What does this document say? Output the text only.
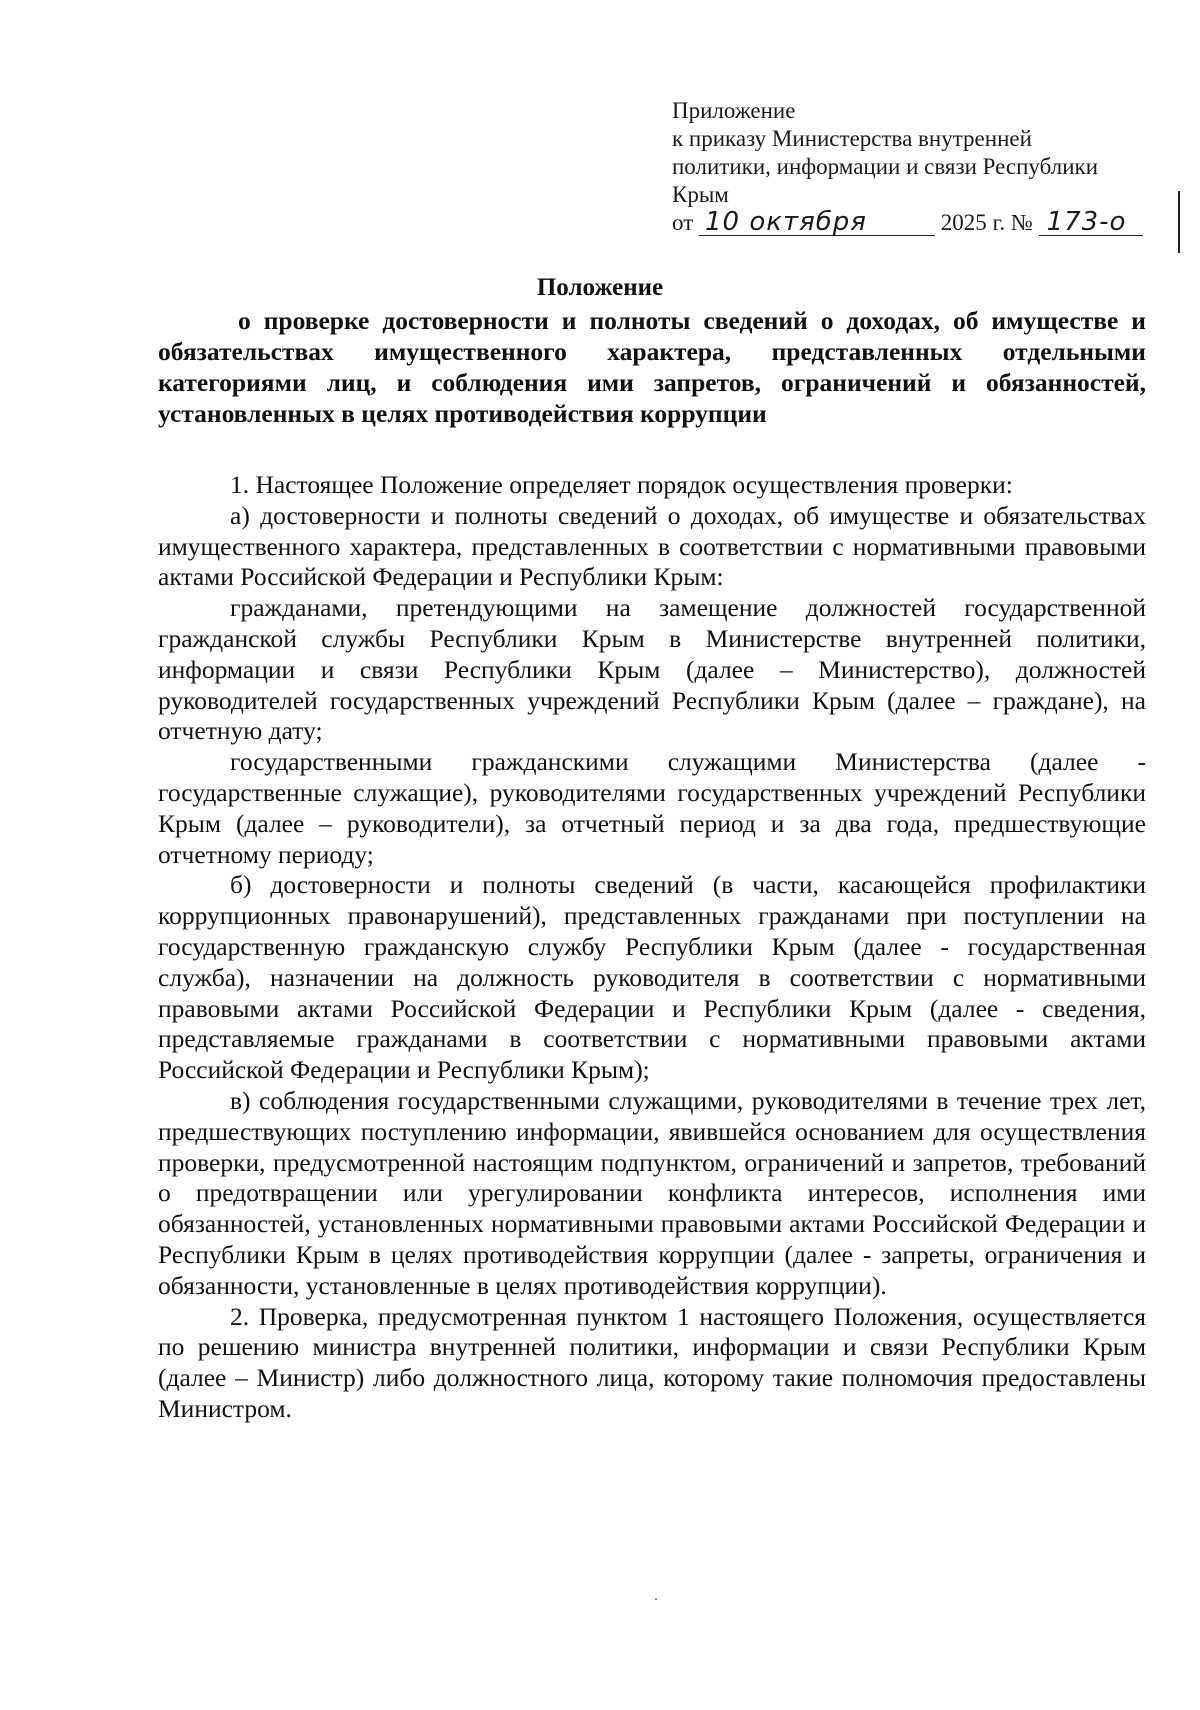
Приложение
к приказу Министерства внутренней
политики, информации и связи Республики
Крым
от 10 октября	2025 г. № 173-о
Положение
о проверке достоверности и полноты сведений о доходах, об имуществе и обязательствах имущественного характера, представленных отдельными категориями лиц, и соблюдения ими запретов, ограничений и обязанностей, установленных в целях противодействия коррупции

1. Настоящее Положение определяет порядок осуществления проверки:

а) достоверности и полноты сведений о доходах, об имуществе и обязательствах имущественного характера, представленных в соответствии с нормативными правовыми актами Российской Федерации и Республики Крым:

гражданами, претендующими на замещение должностей государственной гражданской службы Республики Крым в Министерстве внутренней политики, информации и связи Республики Крым (далее – Министерство), должностей руководителей государственных учреждений Республики Крым (далее – граждане), на отчетную дату;

государственными гражданскими служащими Министерства (далее - государственные служащие), руководителями государственных учреждений Республики Крым (далее – руководители), за отчетный период и за два года, предшествующие отчетному периоду;

б) достоверности и полноты сведений (в части, касающейся профилактики коррупционных правонарушений), представленных гражданами при поступлении на государственную гражданскую службу Республики Крым (далее - государственная служба), назначении на должность руководителя в соответствии с нормативными правовыми актами Российской Федерации и Республики Крым (далее - сведения, представляемые гражданами в соответствии с нормативными правовыми актами Российской Федерации и Республики Крым);

в) соблюдения государственными служащими, руководителями в течение трех лет, предшествующих поступлению информации, явившейся основанием для осуществления проверки, предусмотренной настоящим подпунктом, ограничений и запретов, требований о предотвращении или урегулировании конфликта интересов, исполнения ими обязанностей, установленных нормативными правовыми актами Российской Федерации и Республики Крым в целях противодействия коррупции (далее - запреты, ограничения и обязанности, установленные в целях противодействия коррупции).

2. Проверка, предусмотренная пунктом 1 настоящего Положения, осуществляется по решению министра внутренней политики, информации и связи Республики Крым (далее – Министр) либо должностного лица, которому такие полномочия предоставлены Министром.
